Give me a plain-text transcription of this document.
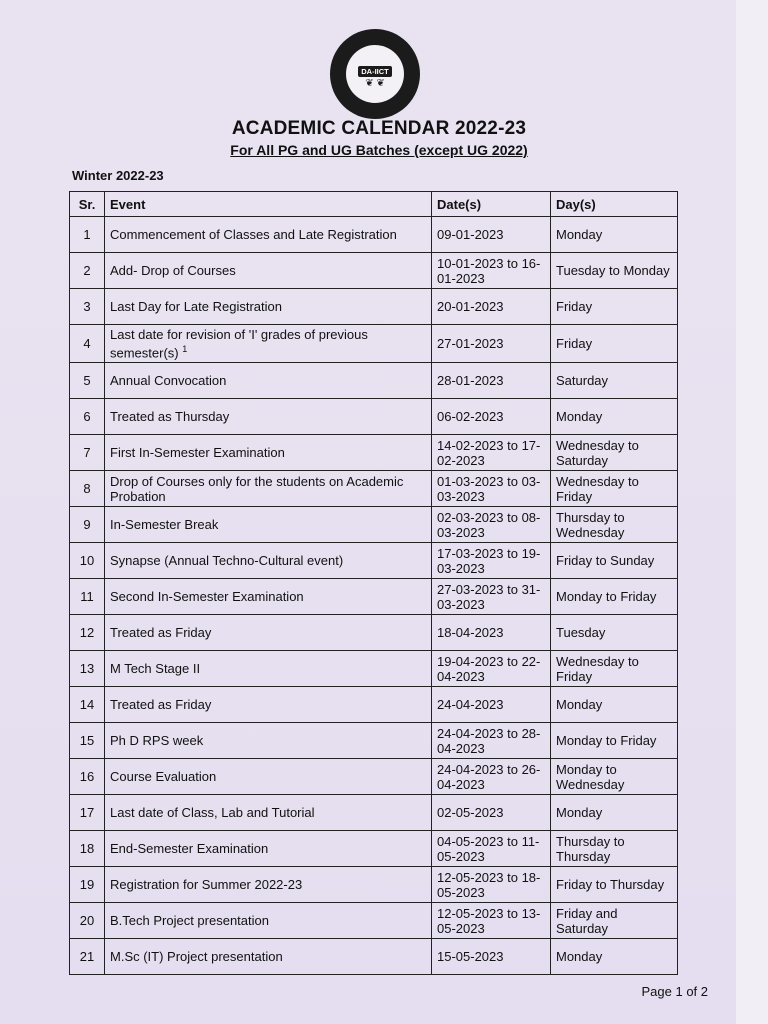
DA-IICT
❦ ❦
ACADEMIC CALENDAR 2022-23
For All PG and UG Batches (except UG 2022)
Winter 2022-23
Sr.	Event	Date(s)	Day(s)
1	Commencement of Classes and Late Registration	09-01-2023	Monday
2	Add- Drop of Courses	10-01-2023 to 16-01-2023	Tuesday to Monday
3	Last Day for Late Registration	20-01-2023	Friday
4	Last date for revision of 'I' grades of previous semester(s) $^1$	27-01-2023	Friday
5	Annual Convocation	28-01-2023	Saturday
6	Treated as Thursday	06-02-2023	Monday
7	First In-Semester Examination	14-02-2023 to 17-02-2023	Wednesday to Saturday
8	Drop of Courses only for the students on Academic Probation	01-03-2023 to 03-03-2023	Wednesday to Friday
9	In-Semester Break	02-03-2023 to 08-03-2023	Thursday to Wednesday
10	Synapse (Annual Techno-Cultural event)	17-03-2023 to 19-03-2023	Friday to Sunday
11	Second In-Semester Examination	27-03-2023 to 31-03-2023	Monday to Friday
12	Treated as Friday	18-04-2023	Tuesday
13	M Tech Stage II	19-04-2023 to 22-04-2023	Wednesday to Friday
14	Treated as Friday	24-04-2023	Monday
15	Ph D RPS week	24-04-2023 to 28-04-2023	Monday to Friday
16	Course Evaluation	24-04-2023 to 26-04-2023	Monday to Wednesday
17	Last date of Class, Lab and Tutorial	02-05-2023	Monday
18	End-Semester Examination	04-05-2023 to 11-05-2023	Thursday to Thursday
19	Registration for Summer 2022-23	12-05-2023 to 18-05-2023	Friday to Thursday
20	B.Tech Project presentation	12-05-2023 to 13-05-2023	Friday and Saturday
21	M.Sc (IT) Project presentation	15-05-2023	Monday
Page 1 of 2
